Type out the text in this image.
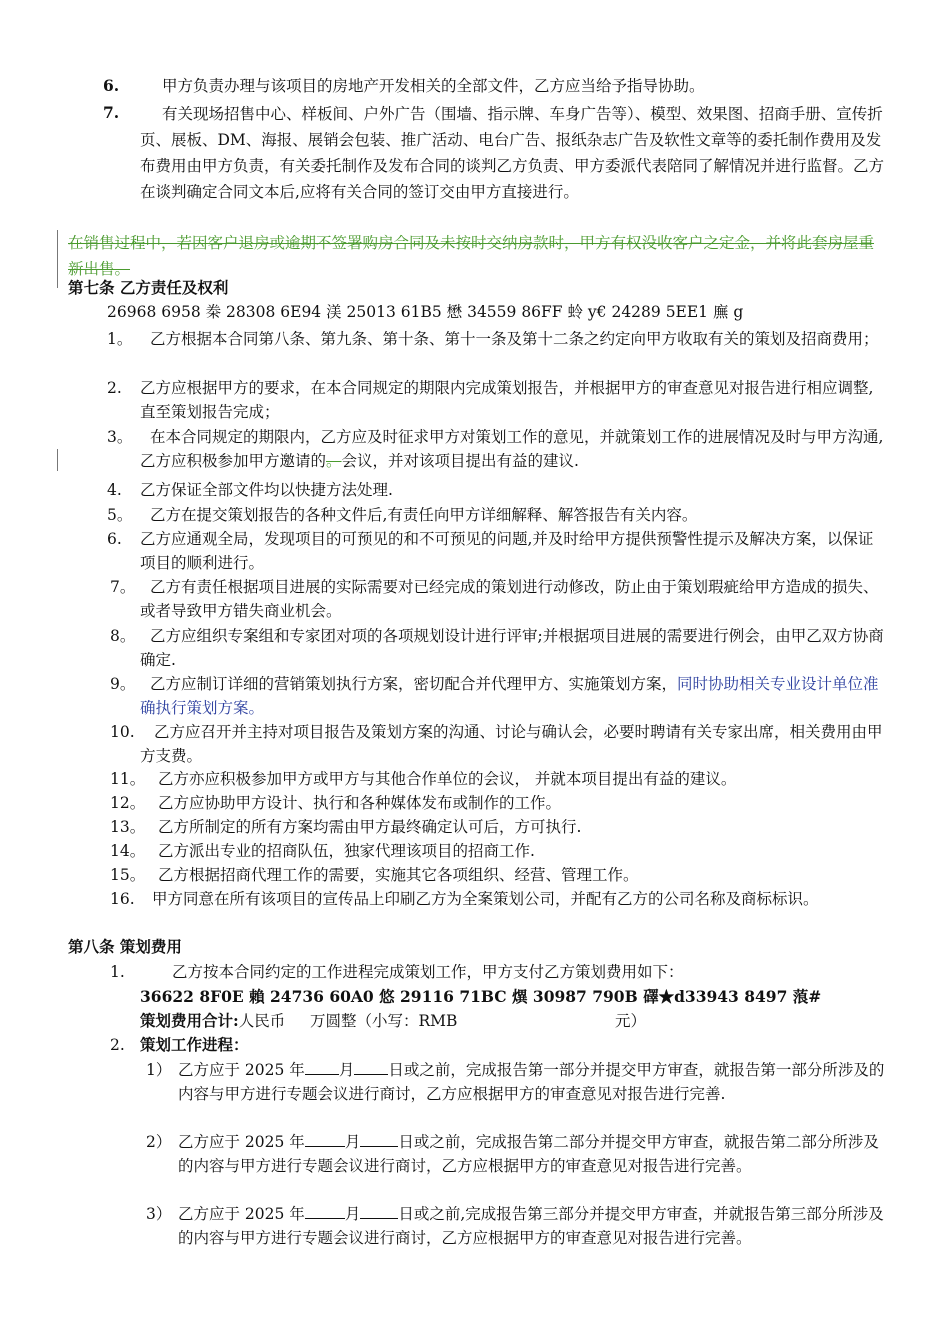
6.	甲方负责办理与该项目的房地产开发相关的全部文件，乙方应当给予指导协助。
7.	有关现场招售中心、样板间、户外广告（围墙、指示牌、车身广告等）、模型、效果图、招商手册、宣传折页、展板、DM、海报、展销会包装、推广活动、电台广告、报纸杂志广告及软性文章等的委托制作费用及发布费用由甲方负责，有关委托制作及发布合同的谈判乙方负责、甲方委派代表陪同了解情况并进行监督。乙方在谈判确定合同文本后,应将有关合同的签订交由甲方直接进行。
在销售过程中，若因客户退房或逾期不签署购房合同及未按时交纳房款时，甲方有权没收客户之定金，并将此套房屋重新出售。
第七条 乙方责任及权利
26968 6958 桊 28308 6E94 渼 25013 61B5 懋 34559 86FF 蛉 y€ 24289 5EE1 廡 g
1。	乙方根据本合同第八条、第九条、第十条、第十一条及第十二条之约定向甲方收取有关的策划及招商费用；
2. 乙方应根据甲方的要求，在本合同规定的期限内完成策划报告，并根据甲方的审查意见对报告进行相应调整,直至策划报告完成；
3。	在本合同规定的期限内，乙方应及时征求甲方对策划工作的意见，并就策划工作的进展情况及时与甲方沟通,乙方应积极参加甲方邀请的。会议，并对该项目提出有益的建议.
4. 乙方保证全部文件均以快捷方法处理.
5。	乙方在提交策划报告的各种文件后,有责任向甲方详细解释、解答报告有关内容。
6. 乙方应通观全局，发现项目的可预见的和不可预见的问题,并及时给甲方提供预警性提示及解决方案，以保证项目的顺利进行。
7。 乙方有责任根据项目进展的实际需要对已经完成的策划进行动修改，防止由于策划瑕疵给甲方造成的损失、或者导致甲方错失商业机会。
8。 乙方应组织专案组和专家团对项的各项规划设计进行评审;并根据项目进展的需要进行例会，由甲乙双方协商确定.
9。 乙方应制订详细的营销策划执行方案，密切配合并代理甲方、实施策划方案，同时协助相关专业设计单位准确执行策划方案。
10.	乙方应召开并主持对项目报告及策划方案的沟通、讨论与确认会，必要时聘请有关专家出席，相关费用由甲方支费。
11。 乙方亦应积极参加甲方或甲方与其他合作单位的会议， 并就本项目提出有益的建议。
12。 乙方应协助甲方设计、执行和各种媒体发布或制作的工作。
13。 乙方所制定的所有方案均需由甲方最终确定认可后，方可执行.
14。 乙方派出专业的招商队伍，独家代理该项目的招商工作.
15。 乙方根据招商代理工作的需要，实施其它各项组织、经营、管理工作。
16.	甲方同意在所有该项目的宣传品上印刷乙方为全案策划公司，并配有乙方的公司名称及商标标识。
第八条 策划费用
1.	乙方按本合同约定的工作进程完成策划工作，甲方支付乙方策划费用如下：
36622 8F0E 賴 24736 60A0 悠 29116 71BC 熼 30987 790B 礋★d33943 8497 蒗#
策划费用合计:人民币 万圆整（小写：RMB	元）
2. 策划工作进程：
1） 乙方应于 2025 年 月 日或之前，完成报告第一部分并提交甲方审查，就报告第一部分所涉及的内容与甲方进行专题会议进行商讨，乙方应根据甲方的审查意见对报告进行完善.
2） 乙方应于 2025 年	月 日或之前，完成报告第二部分并提交甲方审查，就报告第二部分所涉及的内容与甲方进行专题会议进行商讨，乙方应根据甲方的审查意见对报告进行完善。
3） 乙方应于 2025 年	月 日或之前,完成报告第三部分并提交甲方审查，并就报告第三部分所涉及的内容与甲方进行专题会议进行商讨，乙方应根据甲方的审查意见对报告进行完善。
